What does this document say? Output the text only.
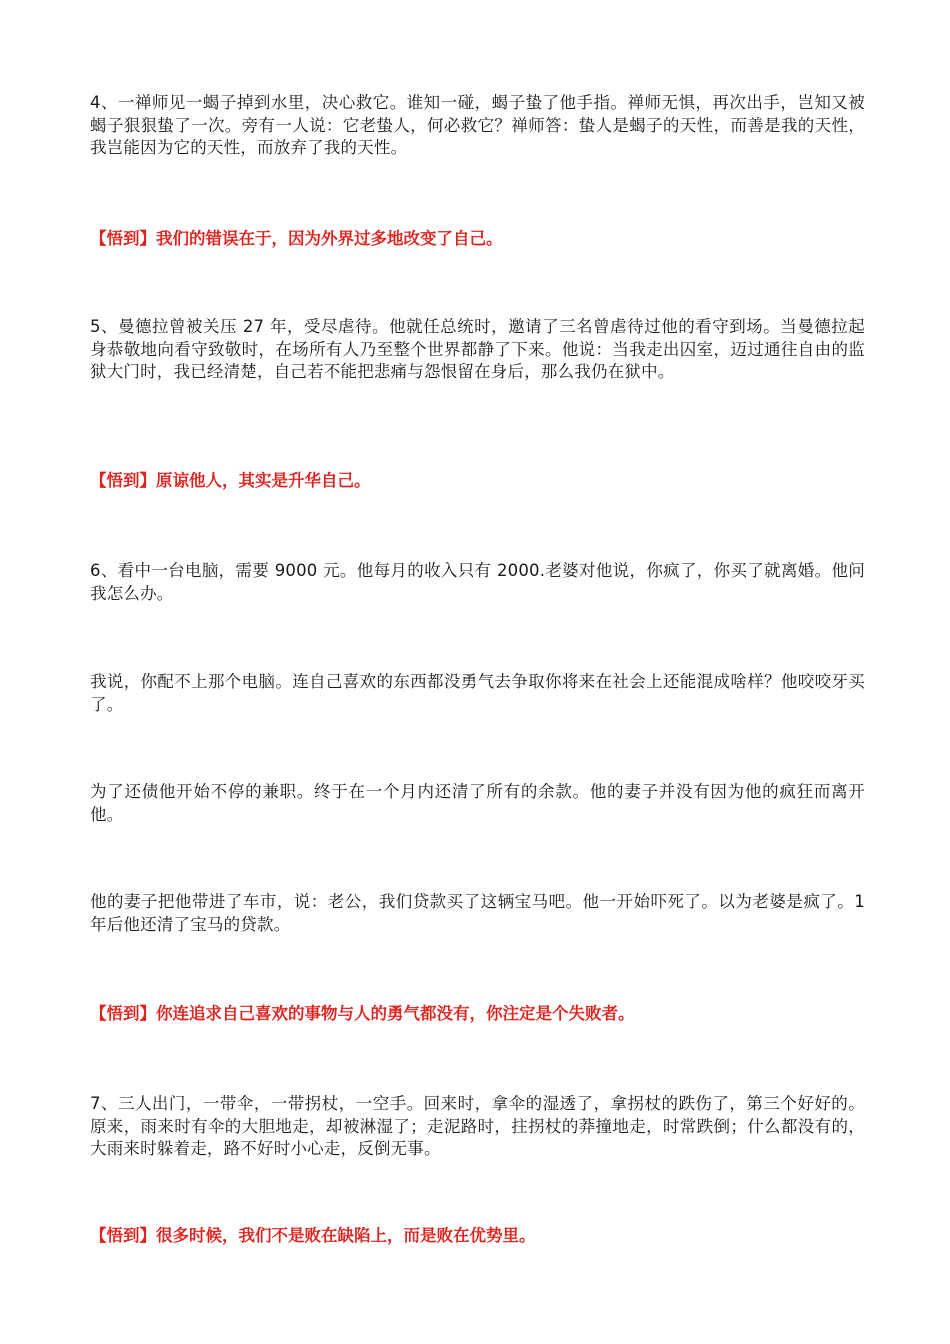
4、一禅师见一蝎子掉到水里，决心救它。谁知一碰，蝎子蛰了他手指。禅师无惧，再次出手，岂知又被蝎子狠狠蛰了一次。旁有一人说：它老蛰人，何必救它？禅师答：蛰人是蝎子的天性，而善是我的天性，我岂能因为它的天性，而放弃了我的天性。

【悟到】我们的错误在于，因为外界过多地改变了自己。

5、曼德拉曾被关压 27 年，受尽虐待。他就任总统时，邀请了三名曾虐待过他的看守到场。当曼德拉起身恭敬地向看守致敬时，在场所有人乃至整个世界都静了下来。他说：当我走出囚室，迈过通往自由的监狱大门时，我已经清楚，自己若不能把悲痛与怨恨留在身后，那么我仍在狱中。

【悟到】原谅他人，其实是升华自己。

6、看中一台电脑，需要 9000 元。他每月的收入只有 2000.老婆对他说，你疯了，你买了就离婚。他问我怎么办。

我说，你配不上那个电脑。连自己喜欢的东西都没勇气去争取你将来在社会上还能混成啥样？他咬咬牙买了。

为了还债他开始不停的兼职。终于在一个月内还清了所有的余款。他的妻子并没有因为他的疯狂而离开他。

他的妻子把他带进了车市，说：老公，我们贷款买了这辆宝马吧。他一开始吓死了。以为老婆是疯了。1 年后他还清了宝马的贷款。

【悟到】你连追求自己喜欢的事物与人的勇气都没有，你注定是个失败者。

7、三人出门，一带伞，一带拐杖，一空手。回来时，拿伞的湿透了，拿拐杖的跌伤了，第三个好好的。原来，雨来时有伞的大胆地走，却被淋湿了；走泥路时，拄拐杖的莽撞地走，时常跌倒；什么都没有的，大雨来时躲着走，路不好时小心走，反倒无事。

【悟到】很多时候，我们不是败在缺陷上，而是败在优势里。
